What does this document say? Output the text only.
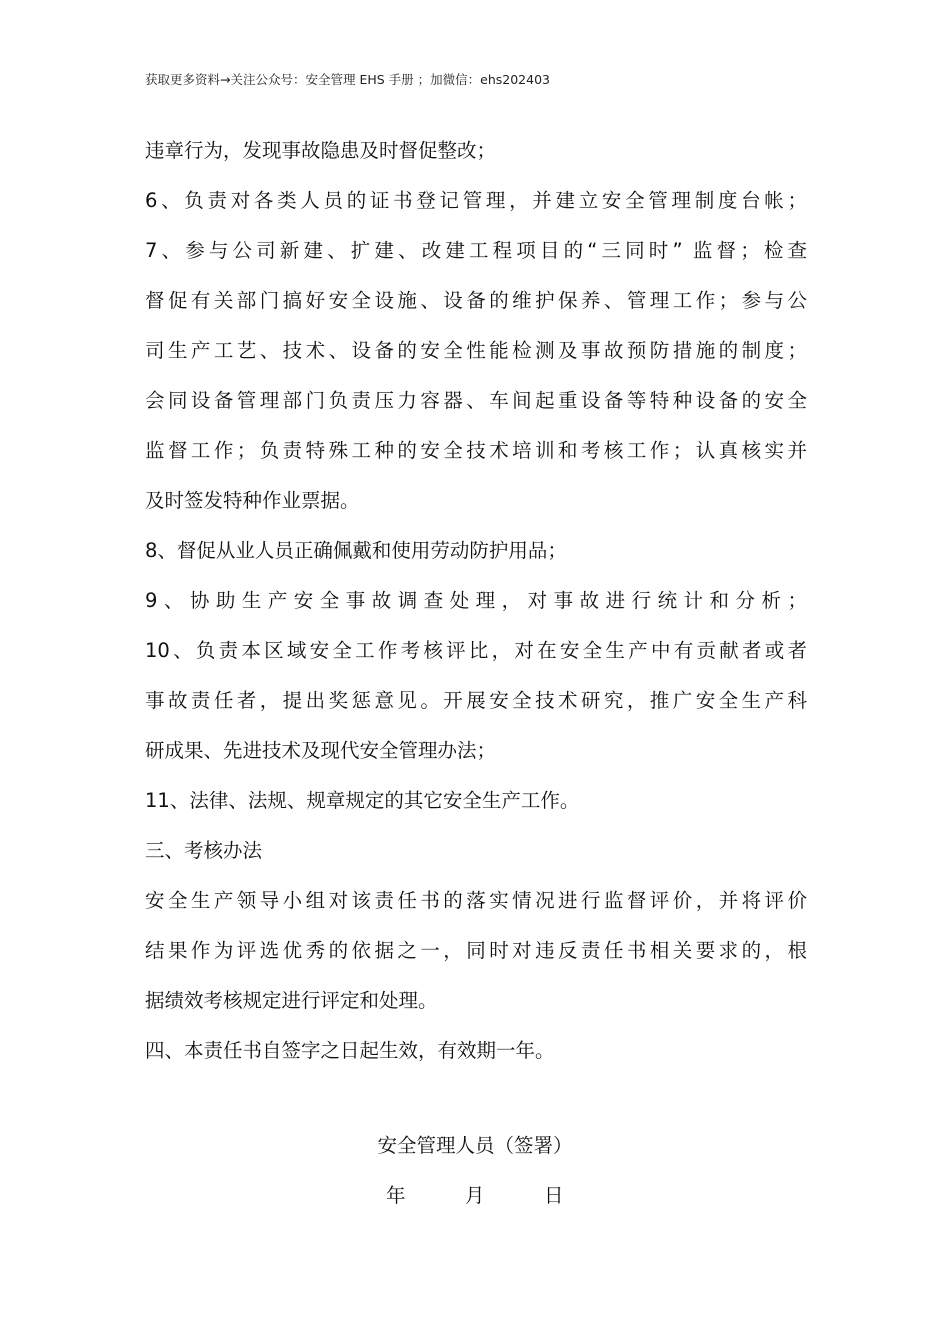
获取更多资料→关注公众号：安全管理 EHS 手册 ；加微信：ehs202403
违章行为，发现事故隐患及时督促整改；
6、负责对各类人员的证书登记管理，并建立安全管理制度台帐；
7、参与公司新建、扩建、改建工程项目的“三同时” 监督；检查
督促有关部门搞好安全设施、设备的维护保养、管理工作；参与公
司生产工艺、技术、设备的安全性能检测及事故预防措施的制度；
会同设备管理部门负责压力容器、车间起重设备等特种设备的安全
监督工作；负责特殊工种的安全技术培训和考核工作；认真核实并
及时签发特种作业票据。
8、督促从业人员正确佩戴和使用劳动防护用品；
9、协助生产安全事故调查处理，对事故进行统计和分析；
10、负责本区域安全工作考核评比，对在安全生产中有贡献者或者
事故责任者，提出奖惩意见。开展安全技术研究，推广安全生产科
研成果、先进技术及现代安全管理办法；
11、法律、法规、规章规定的其它安全生产工作。
三、考核办法
安全生产领导小组对该责任书的落实情况进行监督评价，并将评价
结果作为评选优秀的依据之一，同时对违反责任书相关要求的，根
据绩效考核规定进行评定和处理。
四、本责任书自签字之日起生效，有效期一年。
安全管理人员（签署）
年	月	日
